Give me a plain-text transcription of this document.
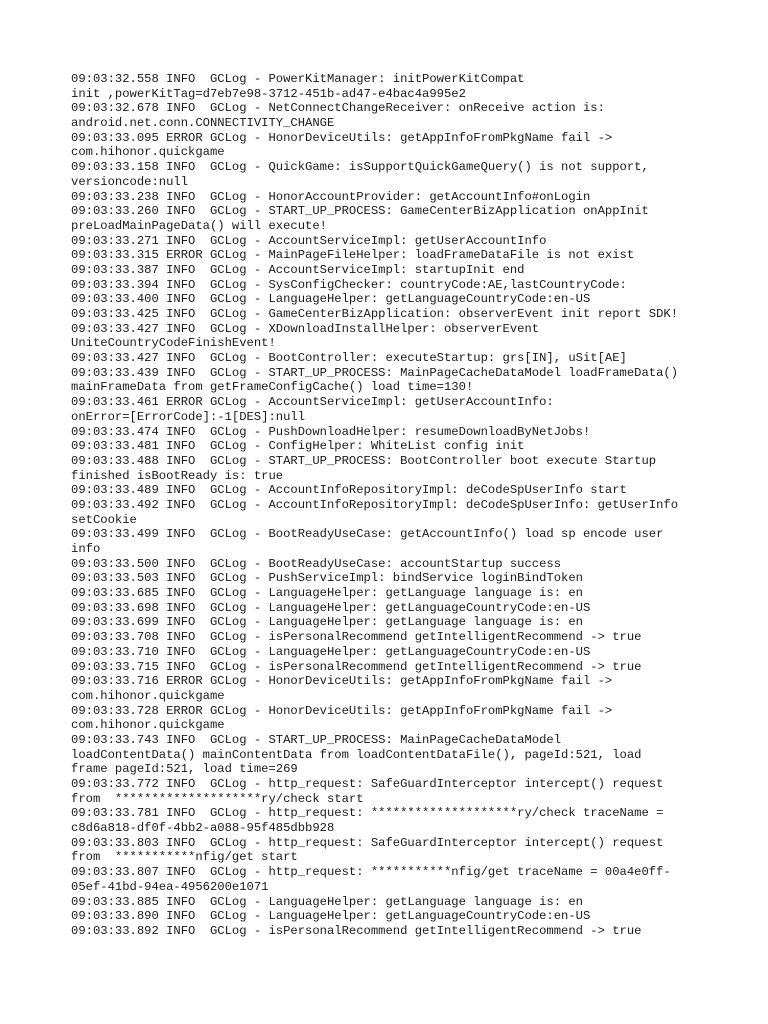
09:03:32.558 INFO  GCLog - PowerKitManager: initPowerKitCompat
init ,powerKitTag=d7eb7e98-3712-451b-ad47-e4bac4a995e2
09:03:32.678 INFO  GCLog - NetConnectChangeReceiver: onReceive action is:
android.net.conn.CONNECTIVITY_CHANGE
09:03:33.095 ERROR GCLog - HonorDeviceUtils: getAppInfoFromPkgName fail ->
com.hihonor.quickgame
09:03:33.158 INFO  GCLog - QuickGame: isSupportQuickGameQuery() is not support,
versioncode:null
09:03:33.238 INFO  GCLog - HonorAccountProvider: getAccountInfo#onLogin
09:03:33.260 INFO  GCLog - START_UP_PROCESS: GameCenterBizApplication onAppInit
preLoadMainPageData() will execute!
09:03:33.271 INFO  GCLog - AccountServiceImpl: getUserAccountInfo
09:03:33.315 ERROR GCLog - MainPageFileHelper: loadFrameDataFile is not exist
09:03:33.387 INFO  GCLog - AccountServiceImpl: startupInit end
09:03:33.394 INFO  GCLog - SysConfigChecker: countryCode:AE,lastCountryCode:
09:03:33.400 INFO  GCLog - LanguageHelper: getLanguageCountryCode:en-US
09:03:33.425 INFO  GCLog - GameCenterBizApplication: observerEvent init report SDK!
09:03:33.427 INFO  GCLog - XDownloadInstallHelper: observerEvent
UniteCountryCodeFinishEvent!
09:03:33.427 INFO  GCLog - BootController: executeStartup: grs[IN], uSit[AE]
09:03:33.439 INFO  GCLog - START_UP_PROCESS: MainPageCacheDataModel loadFrameData()
mainFrameData from getFrameConfigCache() load time=130!
09:03:33.461 ERROR GCLog - AccountServiceImpl: getUserAccountInfo:
onError=[ErrorCode]:-1[DES]:null
09:03:33.474 INFO  GCLog - PushDownloadHelper: resumeDownloadByNetJobs!
09:03:33.481 INFO  GCLog - ConfigHelper: WhiteList config init
09:03:33.488 INFO  GCLog - START_UP_PROCESS: BootController boot execute Startup
finished isBootReady is: true
09:03:33.489 INFO  GCLog - AccountInfoRepositoryImpl: deCodeSpUserInfo start
09:03:33.492 INFO  GCLog - AccountInfoRepositoryImpl: deCodeSpUserInfo: getUserInfo
setCookie
09:03:33.499 INFO  GCLog - BootReadyUseCase: getAccountInfo() load sp encode user
info
09:03:33.500 INFO  GCLog - BootReadyUseCase: accountStartup success
09:03:33.503 INFO  GCLog - PushServiceImpl: bindService loginBindToken
09:03:33.685 INFO  GCLog - LanguageHelper: getLanguage language is: en
09:03:33.698 INFO  GCLog - LanguageHelper: getLanguageCountryCode:en-US
09:03:33.699 INFO  GCLog - LanguageHelper: getLanguage language is: en
09:03:33.708 INFO  GCLog - isPersonalRecommend getIntelligentRecommend -> true
09:03:33.710 INFO  GCLog - LanguageHelper: getLanguageCountryCode:en-US
09:03:33.715 INFO  GCLog - isPersonalRecommend getIntelligentRecommend -> true
09:03:33.716 ERROR GCLog - HonorDeviceUtils: getAppInfoFromPkgName fail ->
com.hihonor.quickgame
09:03:33.728 ERROR GCLog - HonorDeviceUtils: getAppInfoFromPkgName fail ->
com.hihonor.quickgame
09:03:33.743 INFO  GCLog - START_UP_PROCESS: MainPageCacheDataModel
loadContentData() mainContentData from loadContentDataFile(), pageId:521, load
frame pageId:521, load time=269
09:03:33.772 INFO  GCLog - http_request: SafeGuardInterceptor intercept() request
from  ********************ry/check start
09:03:33.781 INFO  GCLog - http_request: ********************ry/check traceName =
c8d6a818-df0f-4bb2-a088-95f485dbb928
09:03:33.803 INFO  GCLog - http_request: SafeGuardInterceptor intercept() request
from  ***********nfig/get start
09:03:33.807 INFO  GCLog - http_request: ***********nfig/get traceName = 00a4e0ff-
05ef-41bd-94ea-4956200e1071
09:03:33.885 INFO  GCLog - LanguageHelper: getLanguage language is: en
09:03:33.890 INFO  GCLog - LanguageHelper: getLanguageCountryCode:en-US
09:03:33.892 INFO  GCLog - isPersonalRecommend getIntelligentRecommend -> true
